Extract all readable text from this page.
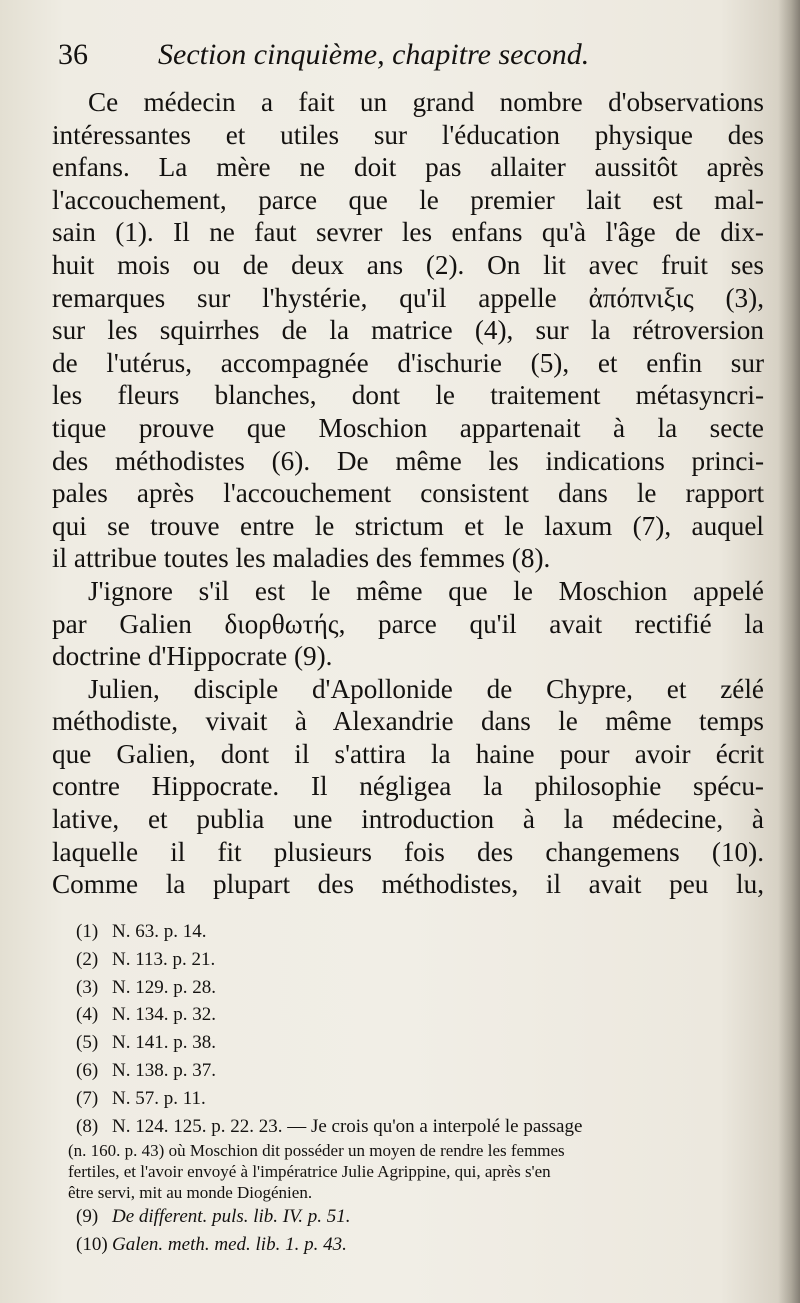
36 Section cinquième, chapitre second.
Ce médecin a fait un grand nombre d'observations
intéressantes et utiles sur l'éducation physique des
enfans. La mère ne doit pas allaiter aussitôt après
l'accouchement, parce que le premier lait est mal-
sain (1). Il ne faut sevrer les enfans qu'à l'âge de dix-
huit mois ou de deux ans (2). On lit avec fruit ses
remarques sur l'hystérie, qu'il appelle ἀπόπνιξις (3),
sur les squirrhes de la matrice (4), sur la rétroversion
de l'utérus, accompagnée d'ischurie (5), et enfin sur
les fleurs blanches, dont le traitement métasyncri-
tique prouve que Moschion appartenait à la secte
des méthodistes (6). De même les indications princi-
pales après l'accouchement consistent dans le rapport
qui se trouve entre le strictum et le laxum (7), auquel
il attribue toutes les maladies des femmes (8).
J'ignore s'il est le même que le Moschion appelé
par Galien διορθωτής, parce qu'il avait rectifié la
doctrine d'Hippocrate (9).
Julien, disciple d'Apollonide de Chypre, et zélé
méthodiste, vivait à Alexandrie dans le même temps
que Galien, dont il s'attira la haine pour avoir écrit
contre Hippocrate. Il négligea la philosophie spécu-
lative, et publia une introduction à la médecine, à
laquelle il fit plusieurs fois des changemens (10).
Comme la plupart des méthodistes, il avait peu lu,
(1) N. 63. p. 14.
(2) N. 113. p. 21.
(3) N. 129. p. 28.
(4) N. 134. p. 32.
(5) N. 141. p. 38.
(6) N. 138. p. 37.
(7) N. 57. p. 11.
(8) N. 124. 125. p. 22. 23. — Je crois qu'on a interpolé le passage
(n. 160. p. 43) où Moschion dit posséder un moyen de rendre les femmes
fertiles, et l'avoir envoyé à l'impératrice Julie Agrippine, qui, après s'en
être servi, mit au monde Diogénien.
(9) De different. puls. lib. IV. p. 51.
(10) Galen. meth. med. lib. 1. p. 43.
